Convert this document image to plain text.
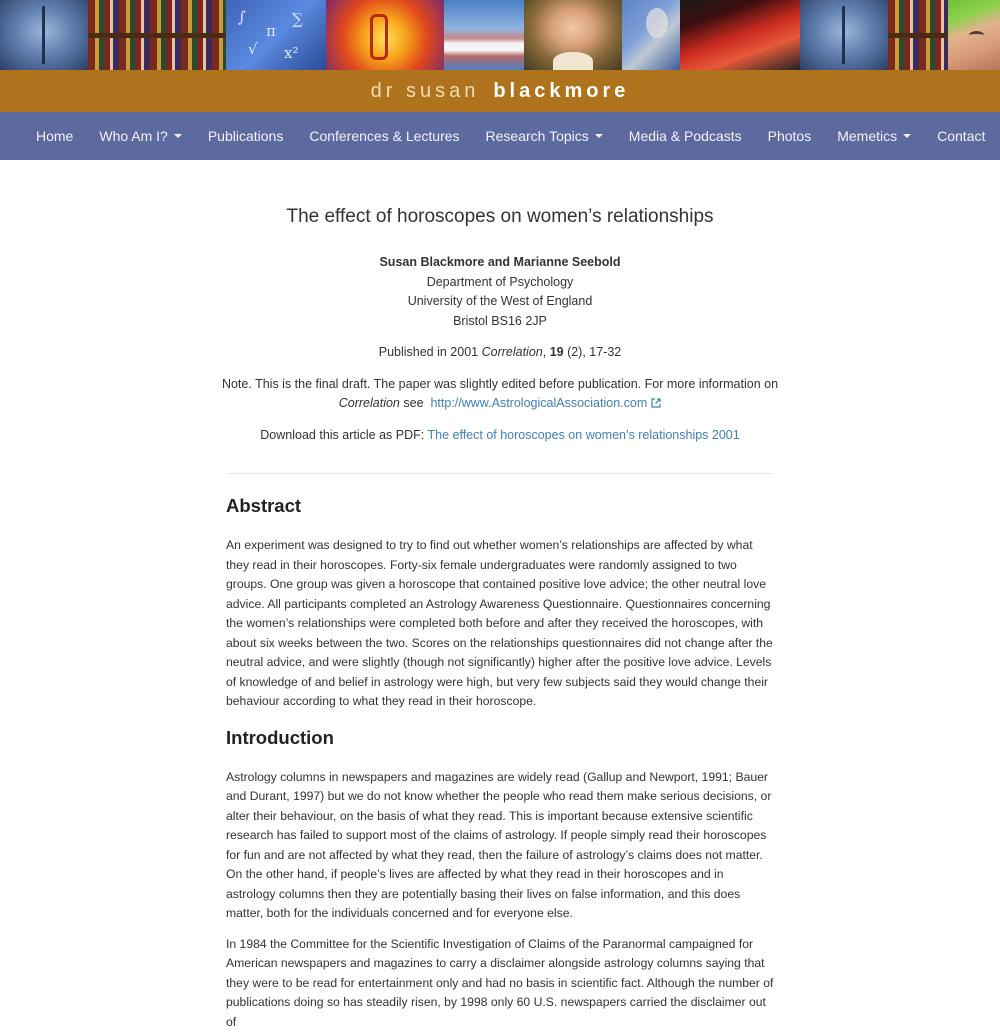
∫
π
∑
√ x²
dr susan blackmore
Home Who Am I?	Publications Conferences & Lectures Research Topics	Media & Podcasts Photos Memetics	Contact
The effect of horoscopes on women’s relationships
Susan Blackmore and Marianne Seebold
Department of Psychology
University of the West of England
Bristol BS16 2JP
Published in 2001 Correlation, 19 (2), 17-32
Note. This is the final draft. The paper was slightly edited before publication. For more information on
Correlation see http://www.AstrologicalAssociation.com
Download this article as PDF: The effect of horoscopes on women’s relationships 2001
Abstract

An experiment was designed to try to find out whether women’s relationships are affected by what they read in their horoscopes. Forty-six female undergraduates were randomly assigned to two groups. One group was given a horoscope that contained positive love advice; the other neutral love advice. All participants completed an Astrology Awareness Questionnaire. Questionnaires concerning the women’s relationships were completed both before and after they received the horoscopes, with about six weeks between the two. Scores on the relationships questionnaires did not change after the neutral advice, and were slightly (though not significantly) higher after the positive love advice. Levels of knowledge of and belief in astrology were high, but very few subjects said they would change their behaviour according to what they read in their horoscope.

Introduction

Astrology columns in newspapers and magazines are widely read (Gallup and Newport, 1991; Bauer and Durant, 1997) but we do not know whether the people who read them make serious decisions, or alter their behaviour, on the basis of what they read. This is important because extensive scientific research has failed to support most of the claims of astrology. If people simply read their horoscopes for fun and are not affected by what they read, then the failure of astrology’s claims does not matter. On the other hand, if people’s lives are affected by what they read in their horoscopes and in astrology columns then they are potentially basing their lives on false information, and this does matter, both for the individuals concerned and for everyone else.

In 1984 the Committee for the Scientific Investigation of Claims of the Paranormal campaigned for American newspapers and magazines to carry a disclaimer alongside astrology columns saying that they were to be read for entertainment only and had no basis in scientific fact. Although the number of publications doing so has steadily risen, by 1998 only 60 U.S. newspapers carried the disclaimer out of
